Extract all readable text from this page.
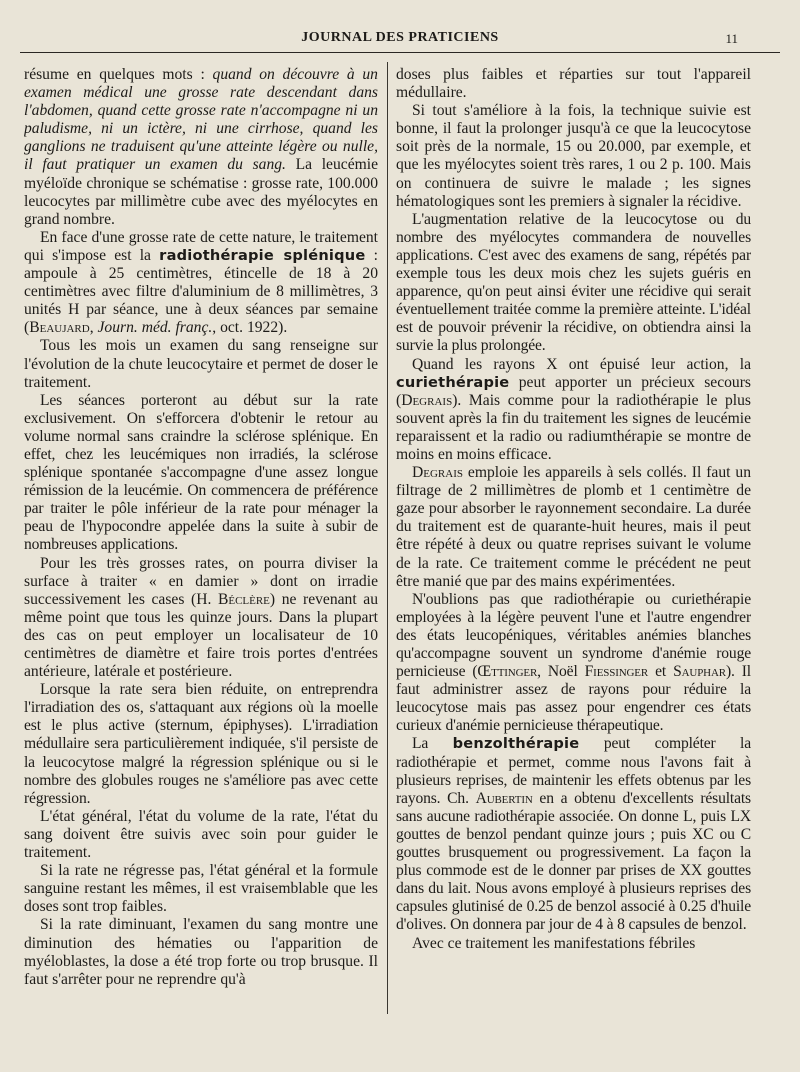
JOURNAL DES PRATICIENS	11

résume en quelques mots : quand on découvre à un examen médical une grosse rate descendant dans l'abdomen, quand cette grosse rate n'accompagne ni un paludisme, ni un ictère, ni une cirrhose, quand les ganglions ne traduisent qu'une atteinte légère ou nulle, il faut pratiquer un examen du sang. La leucémie myéloïde chronique se schématise : grosse rate, 100.000 leucocytes par millimètre cube avec des myélocytes en grand nombre.

En face d'une grosse rate de cette nature, le traitement qui s'impose est la radiothérapie splénique : ampoule à 25 centimètres, étincelle de 18 à 20 centimètres avec filtre d'aluminium de 8 millimètres, 3 unités H par séance, une à deux séances par semaine (Beaujard, Journ. méd. franç., oct. 1922).

Tous les mois un examen du sang renseigne sur l'évolution de la chute leucocytaire et permet de doser le traitement.

Les séances porteront au début sur la rate exclusivement. On s'efforcera d'obtenir le retour au volume normal sans craindre la sclérose splénique. En effet, chez les leucémiques non irradiés, la sclérose splénique spontanée s'accompagne d'une assez longue rémission de la leucémie. On commencera de préférence par traiter le pôle inférieur de la rate pour ménager la peau de l'hypocondre appelée dans la suite à subir de nombreuses applications.

Pour les très grosses rates, on pourra diviser la surface à traiter « en damier » dont on irradie successivement les cases (H. Béclère) ne revenant au même point que tous les quinze jours. Dans la plupart des cas on peut employer un localisateur de 10 centimètres de diamètre et faire trois portes d'entrées antérieure, latérale et postérieure.

Lorsque la rate sera bien réduite, on entreprendra l'irradiation des os, s'attaquant aux régions où la moelle est le plus active (sternum, épiphyses). L'irradiation médullaire sera particulièrement indiquée, s'il persiste de la leucocytose malgré la régression splénique ou si le nombre des globules rouges ne s'améliore pas avec cette régression.

L'état général, l'état du volume de la rate, l'état du sang doivent être suivis avec soin pour guider le traitement.

Si la rate ne régresse pas, l'état général et la formule sanguine restant les mêmes, il est vraisemblable que les doses sont trop faibles.

Si la rate diminuant, l'examen du sang montre une diminution des hématies ou l'apparition de myéloblastes, la dose a été trop forte ou trop brusque. Il faut s'arrêter pour ne reprendre qu'à

doses plus faibles et réparties sur tout l'appareil médullaire.

Si tout s'améliore à la fois, la technique suivie est bonne, il faut la prolonger jusqu'à ce que la leucocytose soit près de la normale, 15 ou 20.000, par exemple, et que les myélocytes soient très rares, 1 ou 2 p. 100. Mais on continuera de suivre le malade ; les signes hématologiques sont les premiers à signaler la récidive.

L'augmentation relative de la leucocytose ou du nombre des myélocytes commandera de nouvelles applications. C'est avec des examens de sang, répétés par exemple tous les deux mois chez les sujets guéris en apparence, qu'on peut ainsi éviter une récidive qui serait éventuellement traitée comme la première atteinte. L'idéal est de pouvoir prévenir la récidive, on obtiendra ainsi la survie la plus prolongée.

Quand les rayons X ont épuisé leur action, la curiethérapie peut apporter un précieux secours (Degrais). Mais comme pour la radiothérapie le plus souvent après la fin du traitement les signes de leucémie reparaissent et la radio ou radiumthérapie se montre de moins en moins efficace.

Degrais emploie les appareils à sels collés. Il faut un filtrage de 2 millimètres de plomb et 1 centimètre de gaze pour absorber le rayonnement secondaire. La durée du traitement est de quarante-huit heures, mais il peut être répété à deux ou quatre reprises suivant le volume de la rate. Ce traitement comme le précédent ne peut être manié que par des mains expérimentées.

N'oublions pas que radiothérapie ou curiethérapie employées à la légère peuvent l'une et l'autre engendrer des états leucopéniques, véritables anémies blanches qu'accompagne souvent un syndrome d'anémie rouge pernicieuse (Œttinger, Noël Fiessinger et Sauphar). Il faut administrer assez de rayons pour réduire la leucocytose mais pas assez pour engendrer ces états curieux d'anémie pernicieuse thérapeutique.

La benzolthérapie peut compléter la radiothérapie et permet, comme nous l'avons fait à plusieurs reprises, de maintenir les effets obtenus par les rayons. Ch. Aubertin en a obtenu d'excellents résultats sans aucune radiothérapie associée. On donne L, puis LX gouttes de benzol pendant quinze jours ; puis XC ou C gouttes brusquement ou progressivement. La façon la plus commode est de le donner par prises de XX gouttes dans du lait. Nous avons employé à plusieurs reprises des capsules glutinisé de 0.25 de benzol associé à 0.25 d'huile d'olives. On donnera par jour de 4 à 8 capsules de benzol.

Avec ce traitement les manifestations fébriles
